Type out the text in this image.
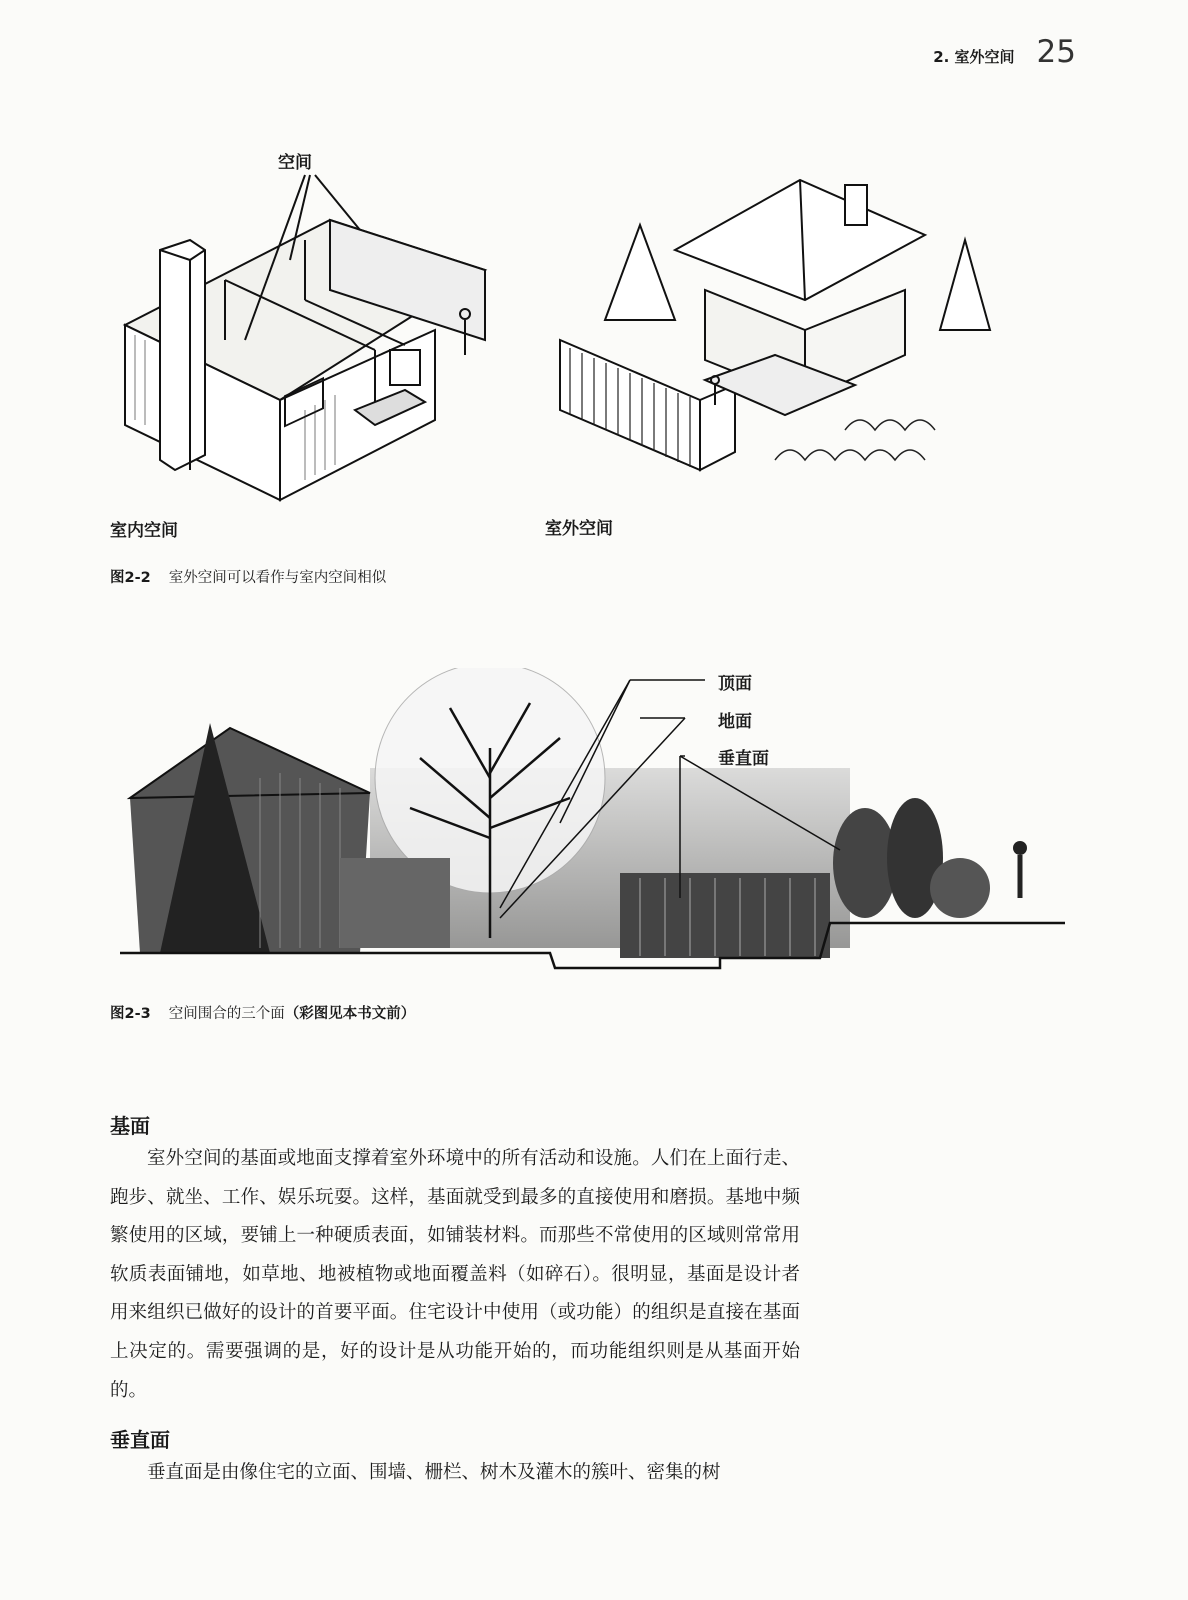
2. 室外空间 25
空间
室内空间	室外空间
图2-2 室外空间可以看作与室内空间相似
顶面
地面
垂直面
图2-3 空间围合的三个面（彩图见本书文前）
基面

室外空间的基面或地面支撑着室外环境中的所有活动和设施。人们在上面行走、跑步、就坐、工作、娱乐玩耍。这样，基面就受到最多的直接使用和磨损。基地中频繁使用的区域，要铺上一种硬质表面，如铺装材料。而那些不常使用的区域则常常用软质表面铺地，如草地、地被植物或地面覆盖料（如碎石）。很明显，基面是设计者用来组织已做好的设计的首要平面。住宅设计中使用（或功能）的组织是直接在基面上决定的。需要强调的是，好的设计是从功能开始的，而功能组织则是从基面开始的。

垂直面

垂直面是由像住宅的立面、围墙、栅栏、树木及灌木的簇叶、密集的树
